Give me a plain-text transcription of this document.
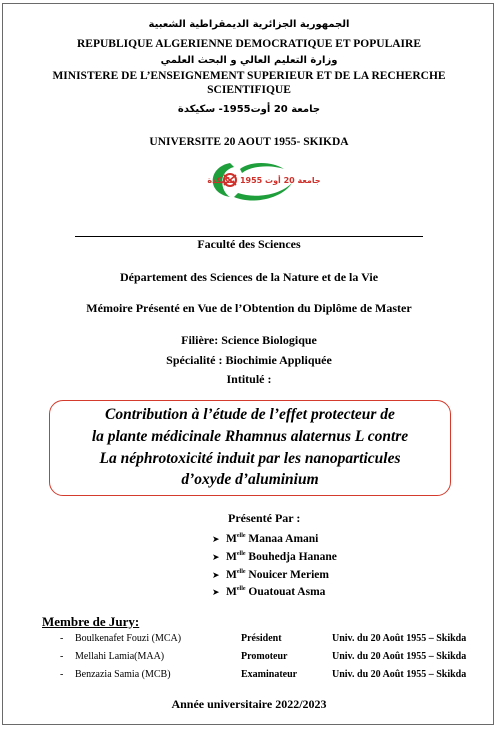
الجمهورية الجزائرية الديمقراطية الشعبية
REPUBLIQUE ALGERIENNE DEMOCRATIQUE ET POPULAIRE
وزارة التعليم العالي و البحث العلمي
MINISTERE DE L’ENSEIGNEMENT SUPERIEUR ET DE LA RECHERCHE
SCIENTIFIQUE
جامعة 20 أوت1955- سكيكدة
UNIVERSITE 20 AOUT 1955- SKIKDA
جامعة 20 أوت 1955 سكيكدة
Faculté des Sciences
Département des Sciences de la Nature et de la Vie
Mémoire Présenté en Vue de l’Obtention du Diplôme de Master
Filière: Science Biologique
Spécialité : Biochimie Appliquée
Intitulé :
Contribution à l’étude de l’effet protecteur de
la plante médicinale Rhamnus alaternus L contre
La néphrotoxicité induit par les nanoparticules
d’oxyde d’aluminium
Présenté Par :
➤ $M^{elle}$ Manaa Amani
➤ $M^{elle}$ Bouhedja Hanane
➤ $M^{elle}$ Nouicer Meriem
➤ $M^{elle}$ Ouatouat Asma
Membre de Jury:
- Boulkenafet Fouzi (MCA)	Président	Univ. du 20 Août 1955 – Skikda
- Mellahi Lamia(MAA)	Promoteur	Univ. du 20 Août 1955 – Skikda
- Benzazia Samia (MCB)	Examinateur	Univ. du 20 Août 1955 – Skikda
Année universitaire 2022/2023
